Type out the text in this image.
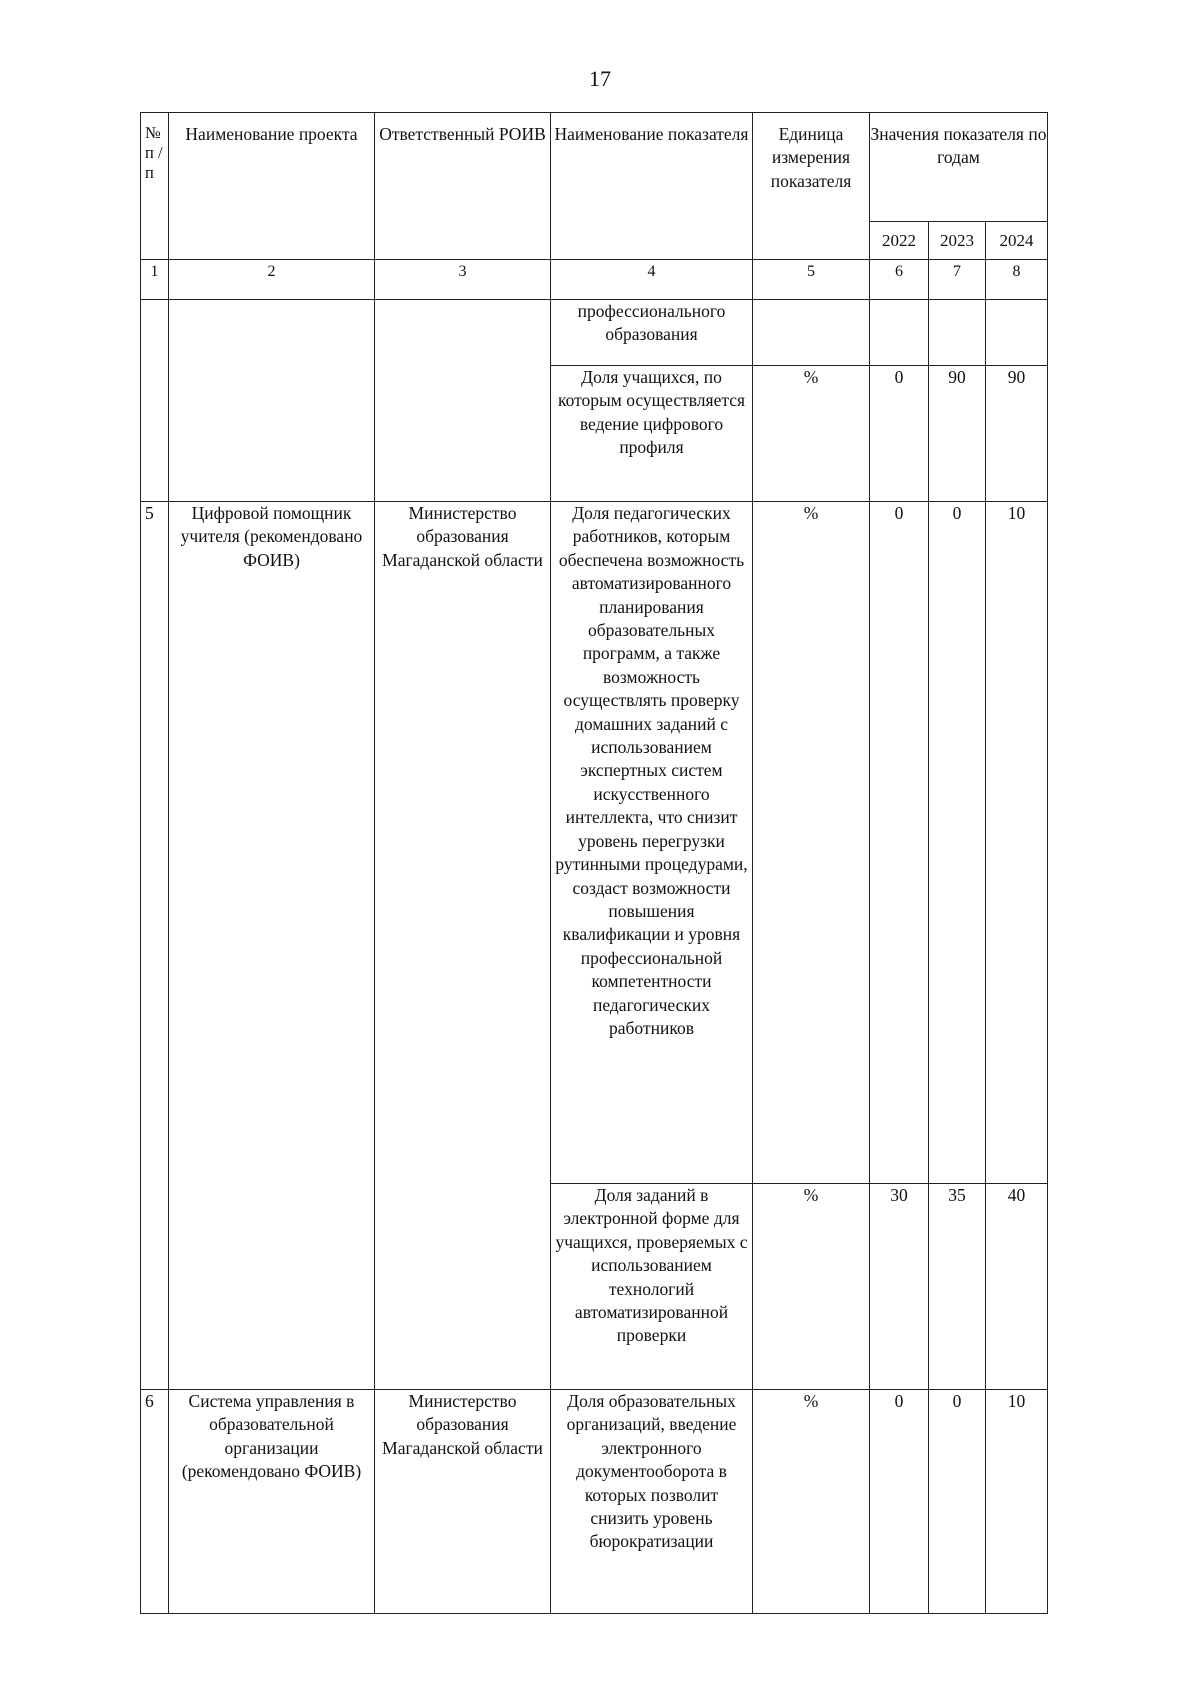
17
№ п / п	Наименование проекта	Ответственный РОИВ	Наименование показателя	Единица измерения показателя	Значения показателя по годам		
					2022	2023	2024
1	2	3	4	5	6	7	8
			профессионального образования				
			Доля учащихся, по которым осуществляется ведение цифрового профиля	%	0	90	90
5	Цифровой помощник учителя (рекомендовано ФОИВ)	Министерство образования Магаданской области	Доля педагогических работников, которым обеспечена возможность автоматизированного планирования образовательных программ, а также возможность осуществлять проверку домашних заданий с использованием экспертных систем искусственного интеллекта, что снизит уровень перегрузки рутинными процедурами, создаст возможности повышения квалификации и уровня профессиональной компетентности педагогических работников	%	0	0	10
			Доля заданий в электронной форме для учащихся, проверяемых с использованием технологий автоматизированной проверки	%	30	35	40
6	Система управления в образовательной организации (рекомендовано ФОИВ)	Министерство образования Магаданской области	Доля образовательных организаций, введение электронного документооборота в которых позволит снизить уровень бюрократизации	%	0	0	10
